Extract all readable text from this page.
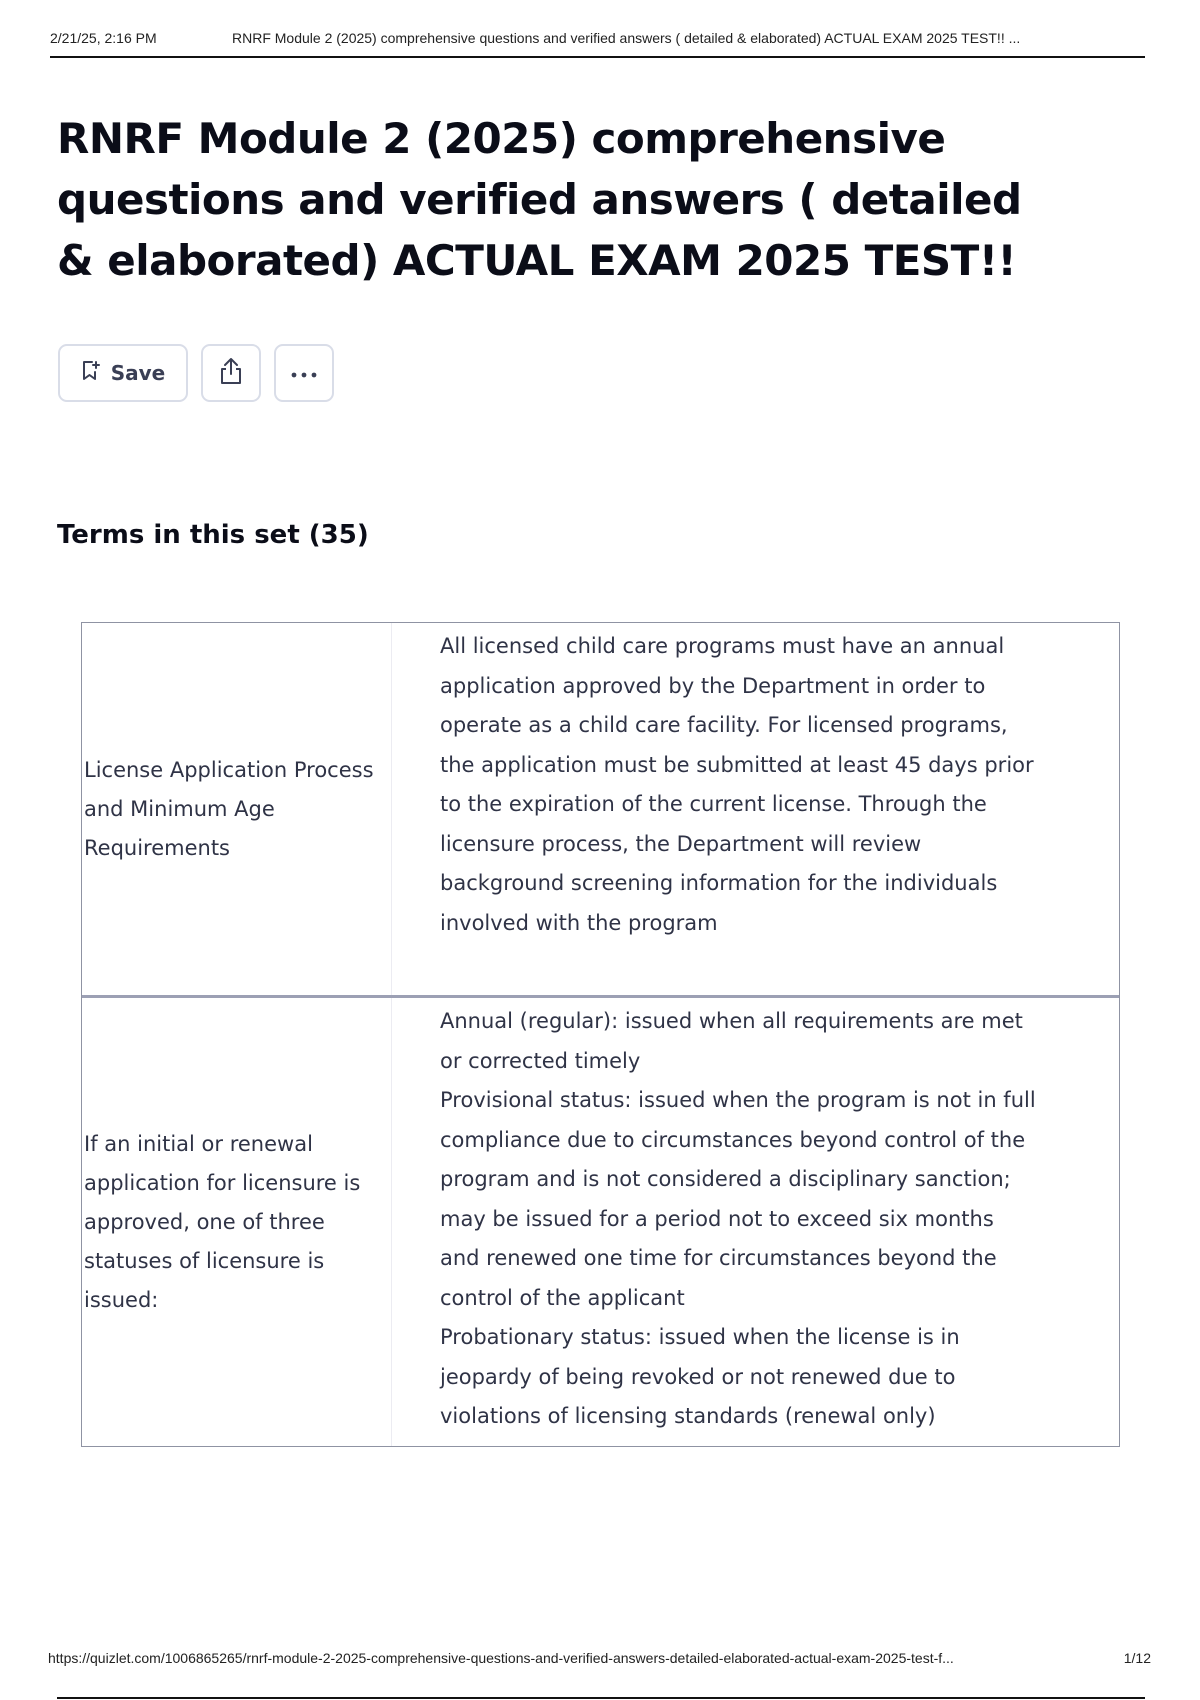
2/21/25, 2:16 PM	RNRF Module 2 (2025) comprehensive questions and verified answers ( detailed & elaborated) ACTUAL EXAM 2025 TEST!! ...
RNRF Module 2 (2025) comprehensive questions and verified answers ( detailed & elaborated) ACTUAL EXAM 2025 TEST!!
Save
Terms in this set (35)
License Application Process and Minimum Age Requirements
All licensed child care programs must have an annual application approved by the Department in order to operate as a child care facility. For licensed programs, the application must be submitted at least 45 days prior to the expiration of the current license. Through the licensure process, the Department will review background screening information for the individuals involved with the program
If an initial or renewal application for licensure is approved, one of three statuses of licensure is issued:
Annual (regular): issued when all requirements are met or corrected timely
Provisional status: issued when the program is not in full compliance due to circumstances beyond control of the program and is not considered a disciplinary sanction; may be issued for a period not to exceed six months and renewed one time for circumstances beyond the control of the applicant
Probationary status: issued when the license is in jeopardy of being revoked or not renewed due to violations of licensing standards (renewal only)
https://quizlet.com/1006865265/rnrf-module-2-2025-comprehensive-questions-and-verified-answers-detailed-elaborated-actual-exam-2025-test-f...	1/12
